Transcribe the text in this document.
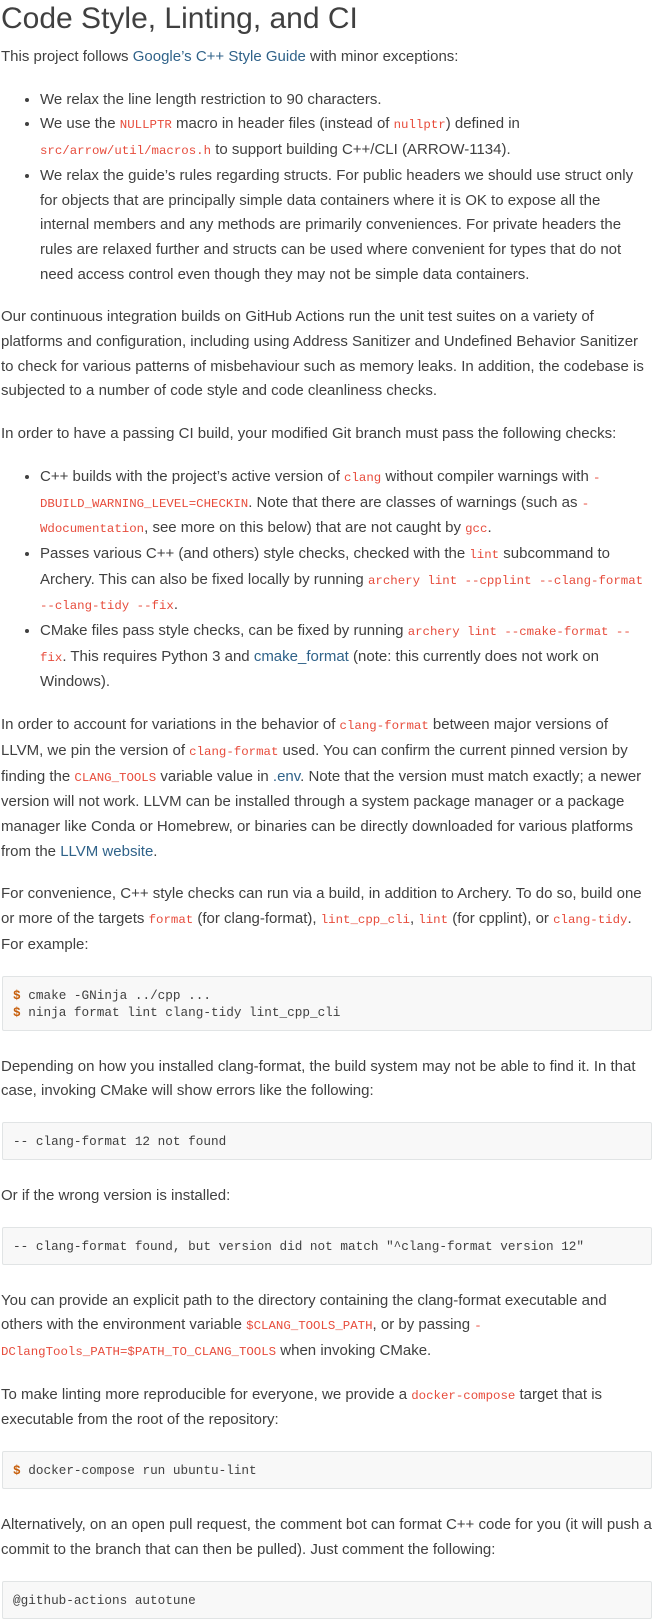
Code Style, Linting, and CI

This project follows Google’s C++ Style Guide with minor exceptions:

• We relax the line length restriction to 90 characters.
• We use the NULLPTR macro in header files (instead of nullptr) defined in src/arrow/util/macros.h to support building C++/CLI (ARROW-1134).
• We relax the guide’s rules regarding structs. For public headers we should use struct only for objects that are principally simple data containers where it is OK to expose all the internal members and any methods are primarily conveniences. For private headers the rules are relaxed further and structs can be used where convenient for types that do not need access control even though they may not be simple data containers.

Our continuous integration builds on GitHub Actions run the unit test suites on a variety of platforms and configuration, including using Address Sanitizer and Undefined Behavior Sanitizer to check for various patterns of misbehaviour such as memory leaks. In addition, the codebase is subjected to a number of code style and code cleanliness checks.

In order to have a passing CI build, your modified Git branch must pass the following checks:

• C++ builds with the project’s active version of clang without compiler warnings with -DBUILD_WARNING_LEVEL=CHECKIN. Note that there are classes of warnings (such as -Wdocumentation, see more on this below) that are not caught by gcc.
• Passes various C++ (and others) style checks, checked with the lint subcommand to Archery. This can also be fixed locally by running archery lint --cpplint --clang-format --clang-tidy --fix.
• CMake files pass style checks, can be fixed by running archery lint --cmake-format --fix. This requires Python 3 and cmake_format (note: this currently does not work on Windows).

In order to account for variations in the behavior of clang-format between major versions of LLVM, we pin the version of clang-format used. You can confirm the current pinned version by finding the CLANG_TOOLS variable value in .env. Note that the version must match exactly; a newer version will not work. LLVM can be installed through a system package manager or a package manager like Conda or Homebrew, or binaries can be directly downloaded for various platforms from the LLVM website.

For convenience, C++ style checks can run via a build, in addition to Archery. To do so, build one or more of the targets format (for clang-format), lint_cpp_cli, lint (for cpplint), or clang-tidy. For example:

$ cmake -GNinja ../cpp ...
$ ninja format lint clang-tidy lint_cpp_cli

Depending on how you installed clang-format, the build system may not be able to find it. In that case, invoking CMake will show errors like the following:

-- clang-format 12 not found

Or if the wrong version is installed:

-- clang-format found, but version did not match "^clang-format version 12"

You can provide an explicit path to the directory containing the clang-format executable and others with the environment variable $CLANG_TOOLS_PATH, or by passing -DClangTools_PATH=$PATH_TO_CLANG_TOOLS when invoking CMake.

To make linting more reproducible for everyone, we provide a docker-compose target that is executable from the root of the repository:

$ docker-compose run ubuntu-lint

Alternatively, on an open pull request, the comment bot can format C++ code for you (it will push a commit to the branch that can then be pulled). Just comment the following:

@github-actions autotune
